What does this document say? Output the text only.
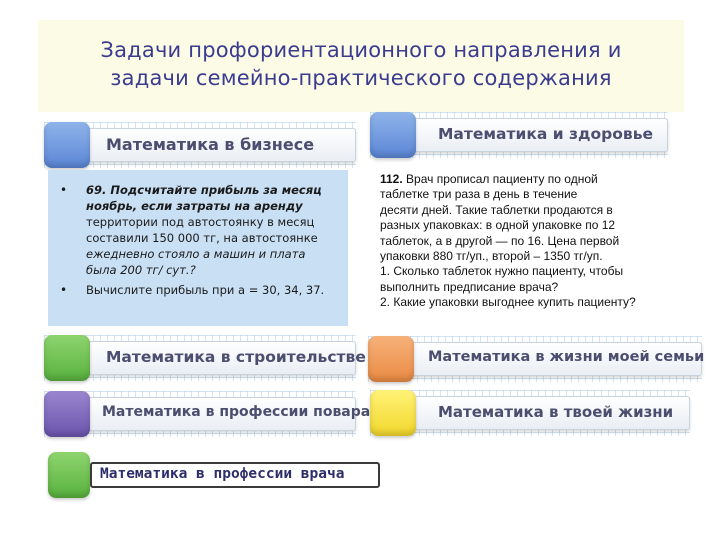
Задачи профориентационного направления и
задачи семейно-практического содержания
Математика в бизнесе
• 69. Подсчитайте прибыль за месяц
ноябрь, если затраты на аренду
территории под автостоянку в месяц
составили 150 000 тг, на автостоянке
ежедневно стояло а машин и плата
была 200 тг/ сут.?
• Вычислите прибыль при а = 30, 34, 37.
Математика в строительстве
Математика в профессии повара
Математика в профессии врача
Математика и здоровье
112. Врач прописал пациенту по одной
таблетке три раза в день в течение
десяти дней. Такие таблетки продаются в
разных упаковках: в одной упаковке по 12
таблеток, а в другой — по 16. Цена первой
упаковки 880 тг/уп., второй – 1350 тг/уп.
1. Сколько таблеток нужно пациенту, чтобы
выполнить предписание врача?
2. Какие упаковки выгоднее купить пациенту?
Математика в жизни моей семьи
Математика в твоей жизни
